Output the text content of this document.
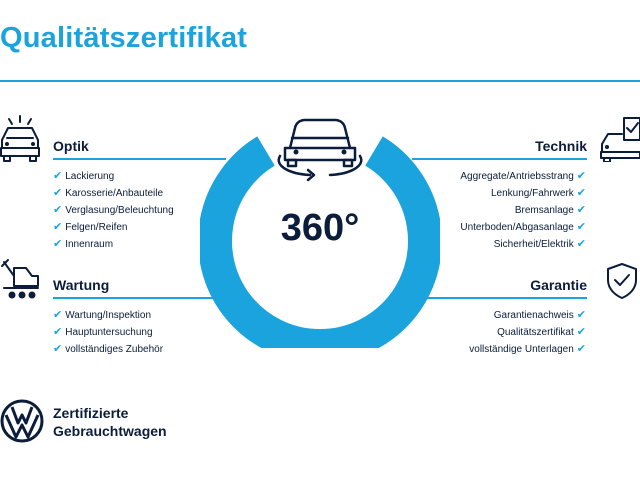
Qualitätszertifikat
Optik
✔ Lackierung
✔ Karosserie/Anbauteile
✔ Verglasung/Beleuchtung
✔ Felgen/Reifen
✔ Innenraum
Wartung
✔ Wartung/Inspektion
✔ Hauptuntersuchung
✔ vollständiges Zubehör
Technik
Aggregate/Antriebsstrang ✔
Lenkung/Fahrwerk ✔
Bremsanlage ✔
Unterboden/Abgasanlage ✔
Sicherheit/Elektrik ✔
Garantie
Garantienachweis ✔
Qualitätszertifikat ✔
vollständige Unterlagen ✔
360°
Gebrauchtwagen-Check
Zertifizierte
Gebrauchtwagen
